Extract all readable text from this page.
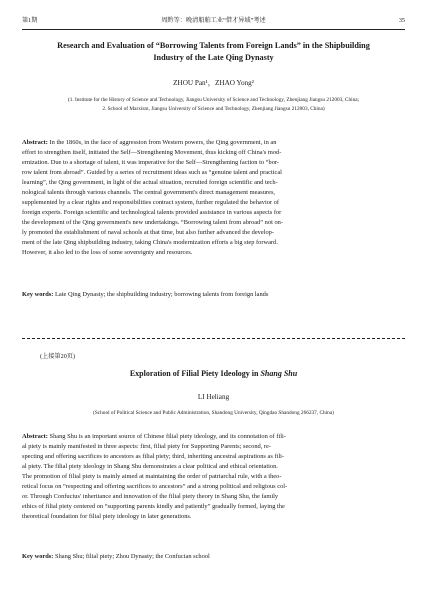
第1期	周黔等：晚清船舶工业“借才异域”考述	35
Research and Evaluation of “Borrowing Talents from Foreign Lands” in the Shipbuilding
Industry of the Late Qing Dynasty
ZHOU Pan¹，ZHAO Yong²
(1. Institute for the History of Science and Technology, Jiangsu University of Science and Technology, Zhenjiang Jiangsu 212003, China;
2. School of Marxism, Jiangsu University of Science and Technology, Zhenjiang Jiangsu 212003, China)
Abstract: In the 1860s, in the face of aggression from Western powers, the Qing government, in an
effort to strengthen itself, initiated the Self—Strengthening Movement, thus kicking off China's mod-
ernization. Due to a shortage of talent, it was imperative for the Self—Strengthening faction to “bor-
row talent from abroad”. Guided by a series of recruitment ideas such as “genuine talent and practical
learning”, the Qing government, in light of the actual situation, recruited foreign scientific and tech-
nological talents through various channels. The central government's direct management measures,
supplemented by a clear rights and responsibilities contract system, further regulated the behavior of
foreign experts. Foreign scientific and technological talents provided assistance in various aspects for
the development of the Qing government's new undertakings. “Borrowing talent from abroad” not on-
ly promoted the establishment of naval schools at that time, but also further advanced the develop-
ment of the late Qing shipbuilding industry, taking China's modernization efforts a big step forward.
However, it also led to the loss of some sovereignty and resources.
Key words: Late Qing Dynasty; the shipbuilding industry; borrowing talents from foreign lands
(上接第20页)
Exploration of Filial Piety Ideology in Shang Shu
LI Heliang
(School of Political Science and Public Administration, Shandong University, Qingdao Shandong 266237, China)
Abstract: Shang Shu is an important source of Chinese filial piety ideology, and its connotation of fili-
al piety is mainly manifested in three aspects: first, filial piety for Supporting Parents; second, re-
specting and offering sacrifices to ancestors as filial piety; third, inheriting ancestral aspirations as fili-
al piety. The filial piety ideology in Shang Shu demonstrates a clear political and ethical orientation.
The promotion of filial piety is mainly aimed at maintaining the order of patriarchal rule, with a theo-
retical focus on “respecting and offering sacrifices to ancestors” and a strong political and religious col-
or. Through Confucius' inheritance and innovation of the filial piety theory in Shang Shu, the family
ethics of filial piety centered on “supporting parents kindly and patiently” gradually formed, laying the
theoretical foundation for filial piety ideology in later generations.
Key words: Shang Shu; filial piety; Zhou Dynasty; the Confucian school
